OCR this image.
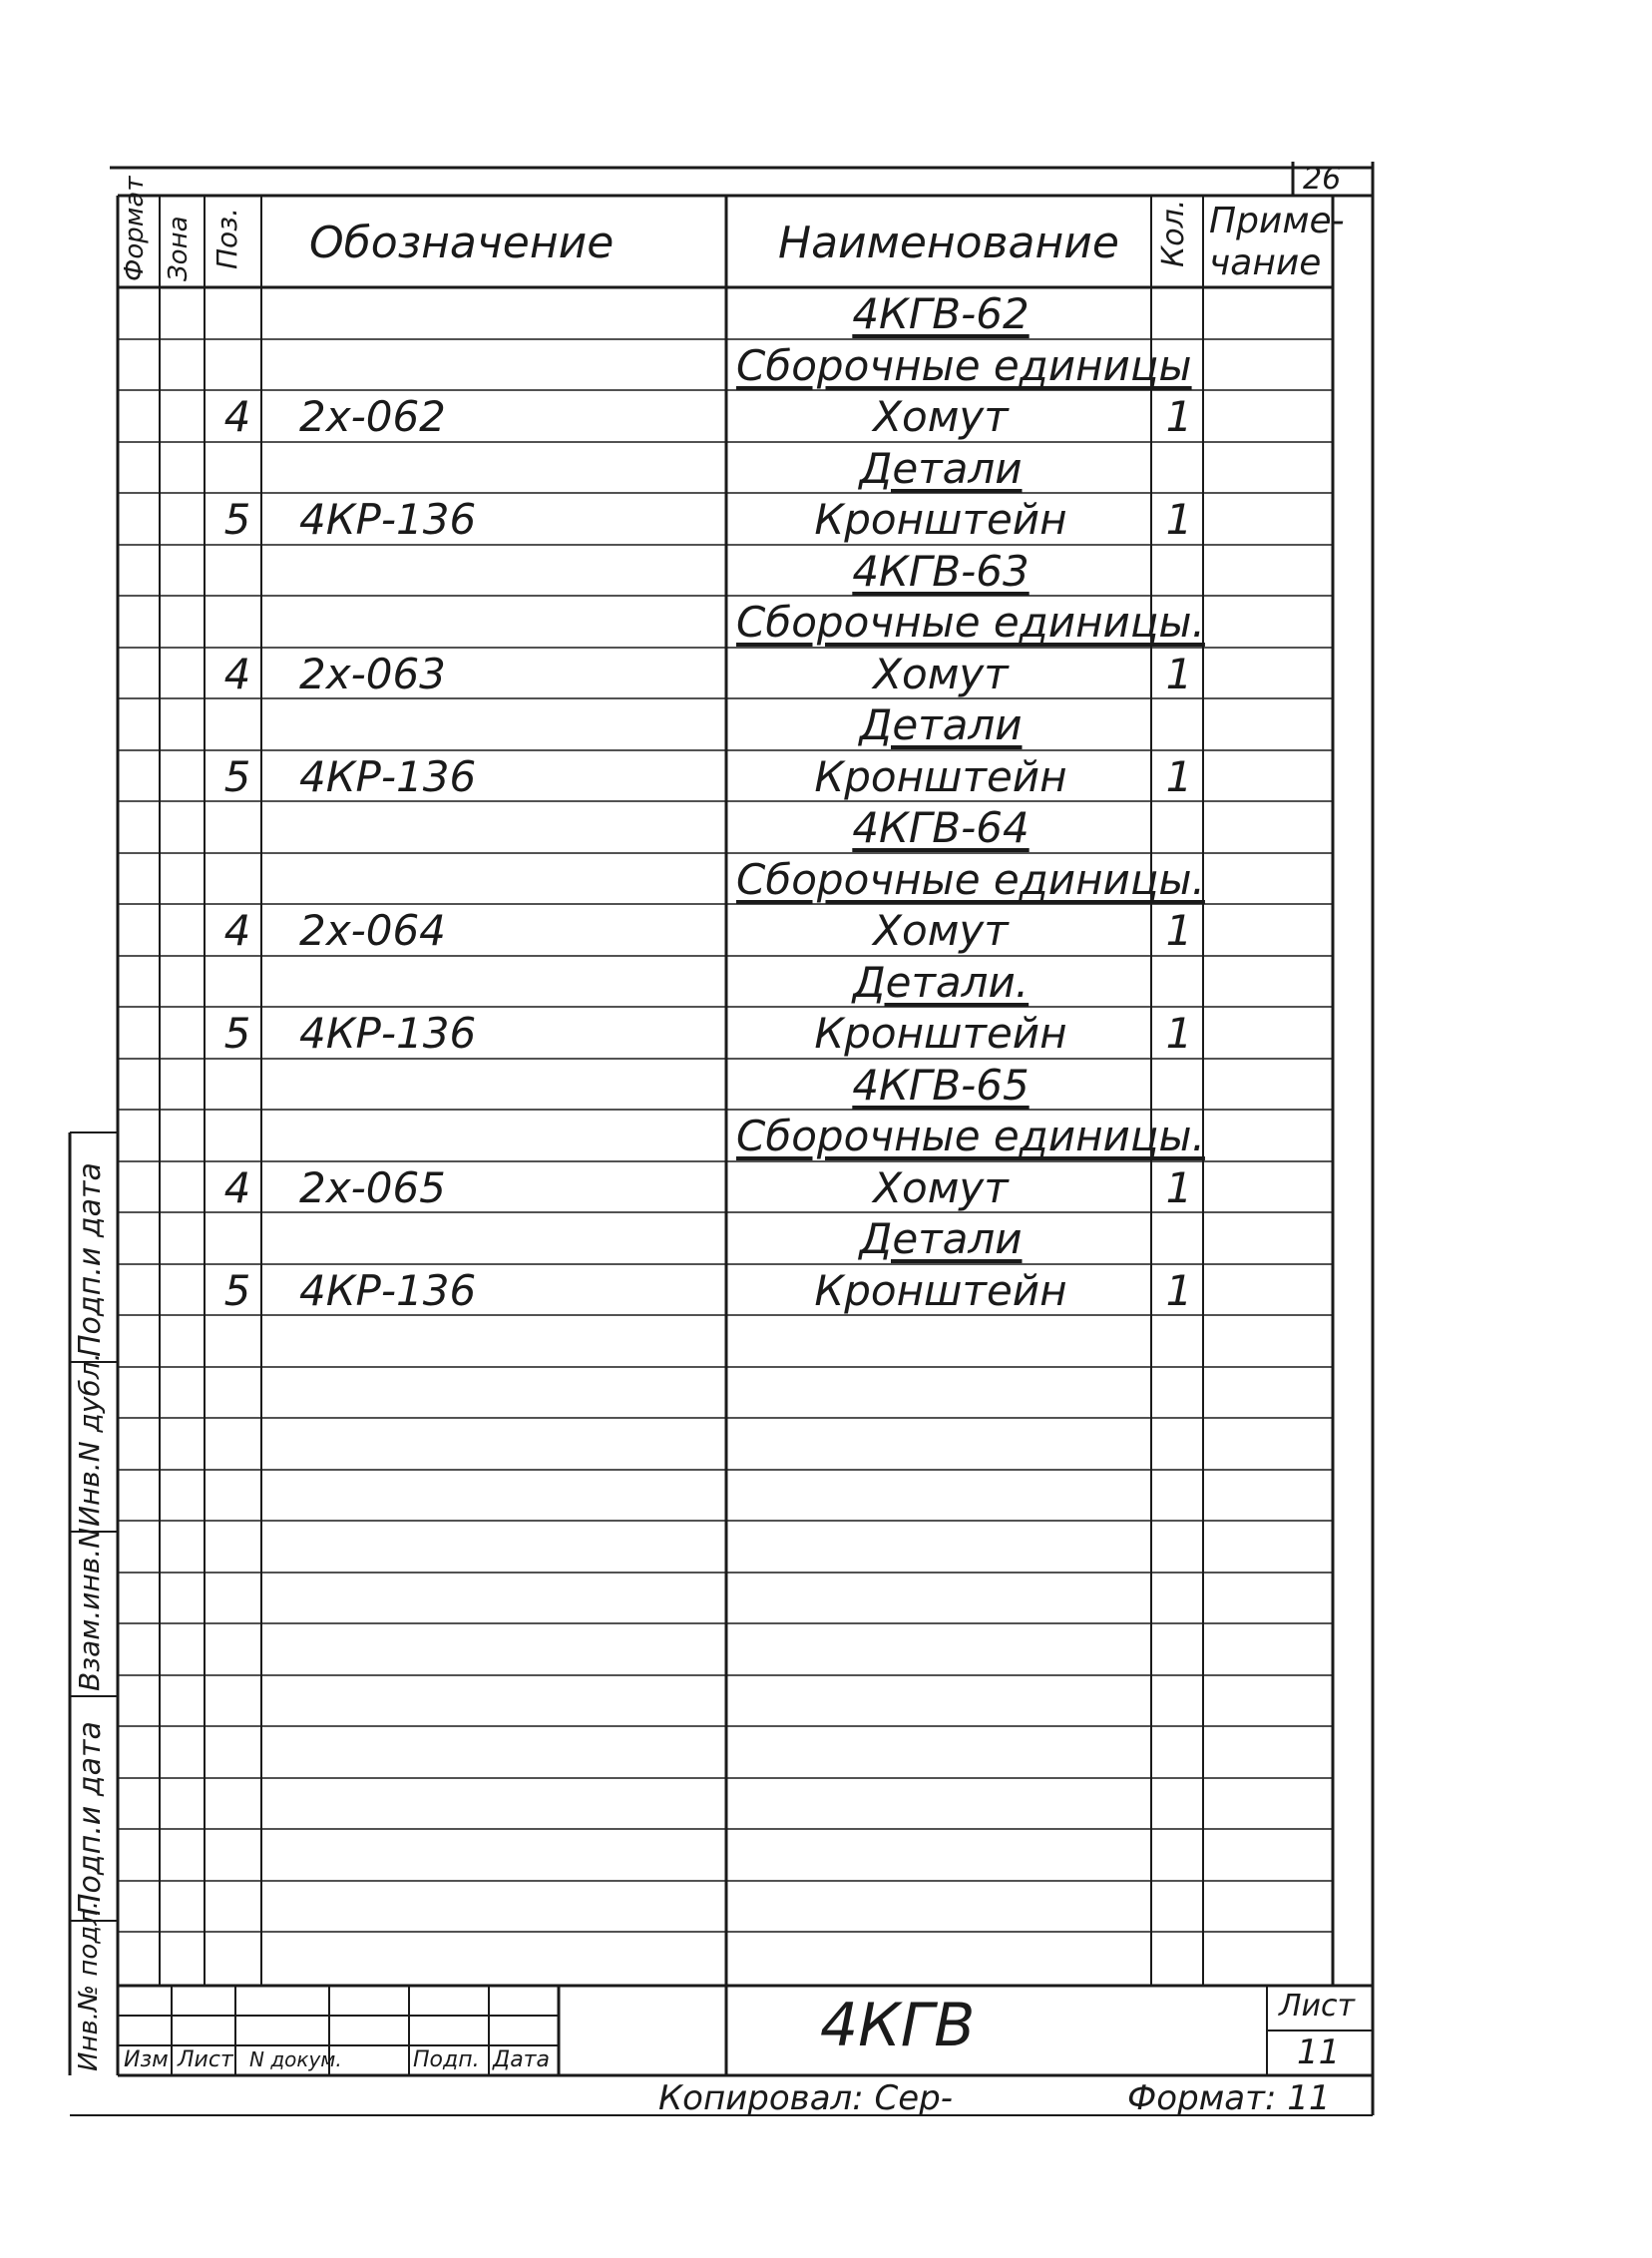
26
Формат Зона Поз. Обозначение	Наименование Кол. Приме-
чание
4КГВ-62
Сборочные единицы
4 2х-062	Хомут	1
Детали
5 4КР-136	Кронштейн	1
4КГВ-63
Сборочные единицы.
4 2х-063	Хомут	1
Детали
5 4КР-136	Кронштейн	1
4КГВ-64
Сборочные единицы.
4 2х-064	Хомут	1
Детали.
5 4КР-136	Кронштейн	1
4КГВ-65
Сборочные единицы.
4 2х-065	Хомут	1
Детали
5 4КР-136	Кронштейн	1
Подп.и дата
Инв.N дубл.
Взам.инв.N
Подп.и дата
Инв.№ подл. Изм Лист N докум.	Подп. Дата	4КГВ	Лист
11
Копировал: Сер-	Формат: 11
